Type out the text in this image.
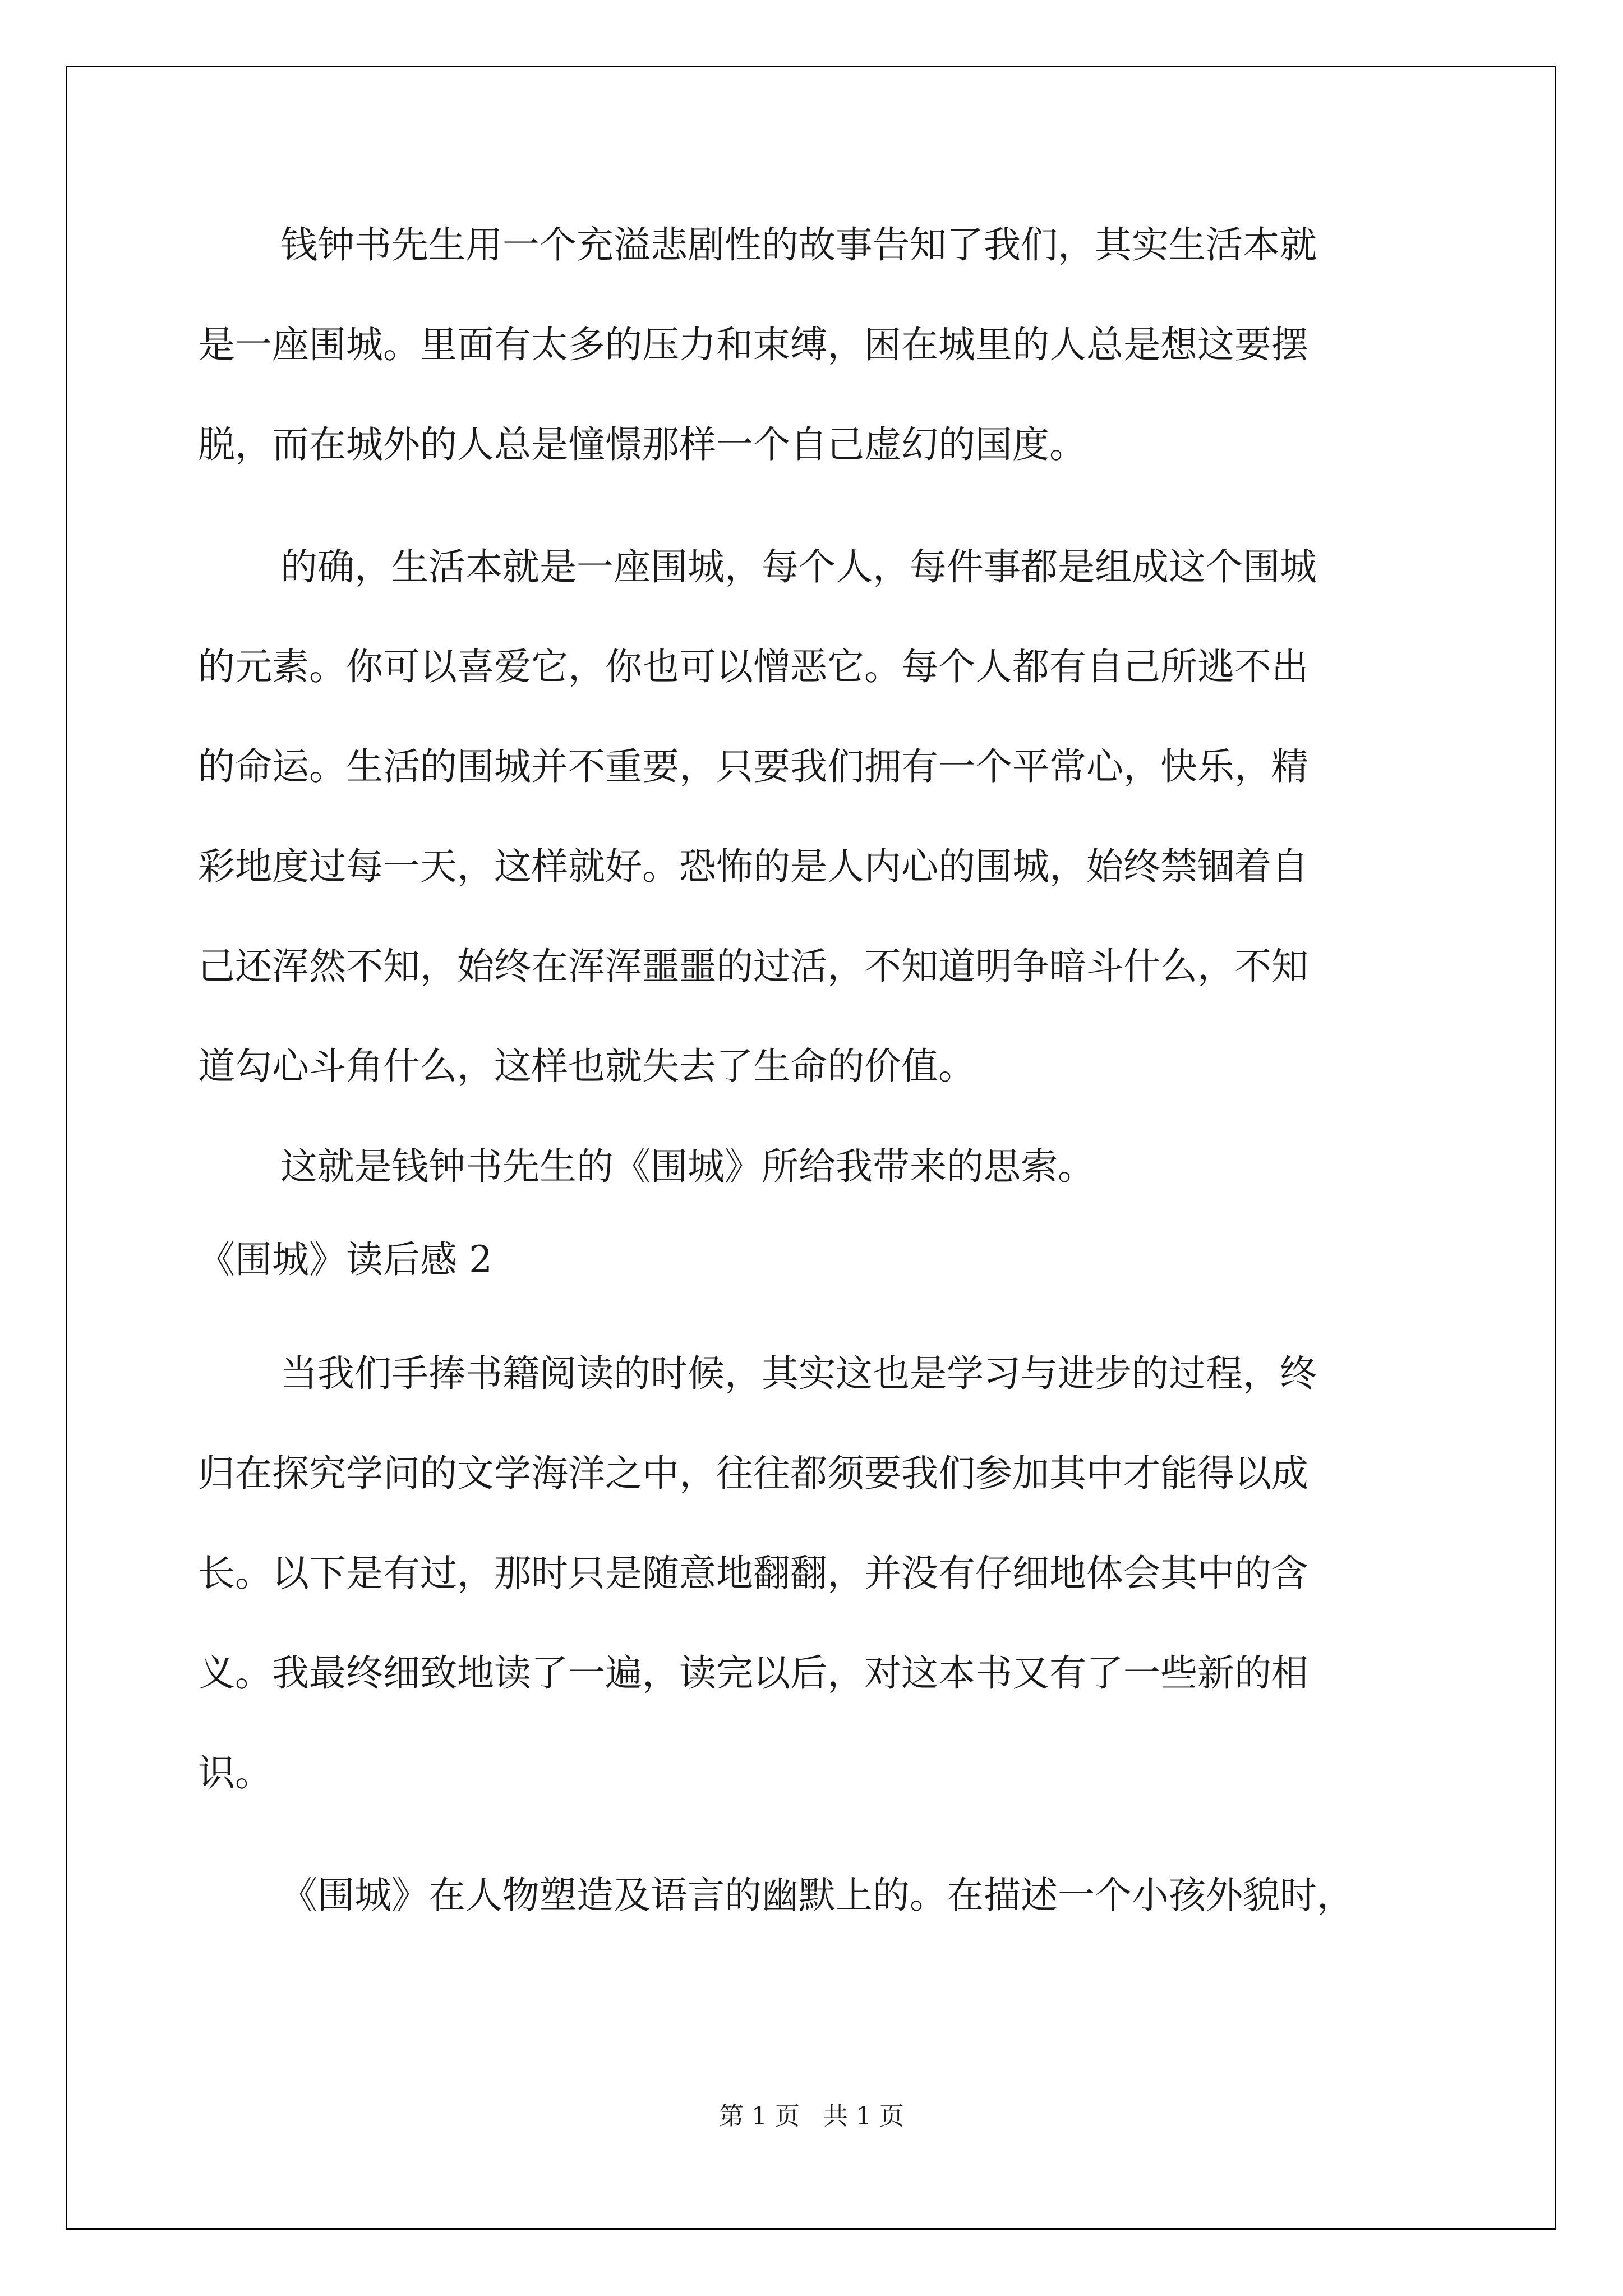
钱钟书先生用一个充溢悲剧性的故事告知了我们，其实生活本就
是一座围城。里面有太多的压力和束缚，困在城里的人总是想这要摆
脱，而在城外的人总是憧憬那样一个自己虚幻的国度。
的确，生活本就是一座围城，每个人，每件事都是组成这个围城
的元素。你可以喜爱它，你也可以憎恶它。每个人都有自己所逃不出
的命运。生活的围城并不重要，只要我们拥有一个平常心，快乐，精
彩地度过每一天，这样就好。恐怖的是人内心的围城，始终禁锢着自
己还浑然不知，始终在浑浑噩噩的过活，不知道明争暗斗什么，不知
道勾心斗角什么，这样也就失去了生命的价值。
这就是钱钟书先生的《围城》所给我带来的思索。
《围城》读后感 2
当我们手捧书籍阅读的时候，其实这也是学习与进步的过程，终
归在探究学问的文学海洋之中，往往都须要我们参加其中才能得以成
长。以下是有过，那时只是随意地翻翻，并没有仔细地体会其中的含
义。我最终细致地读了一遍，读完以后，对这本书又有了一些新的相
识。
《围城》在人物塑造及语言的幽默上的。在描述一个小孩外貌时，
第 1 页 共 1 页
